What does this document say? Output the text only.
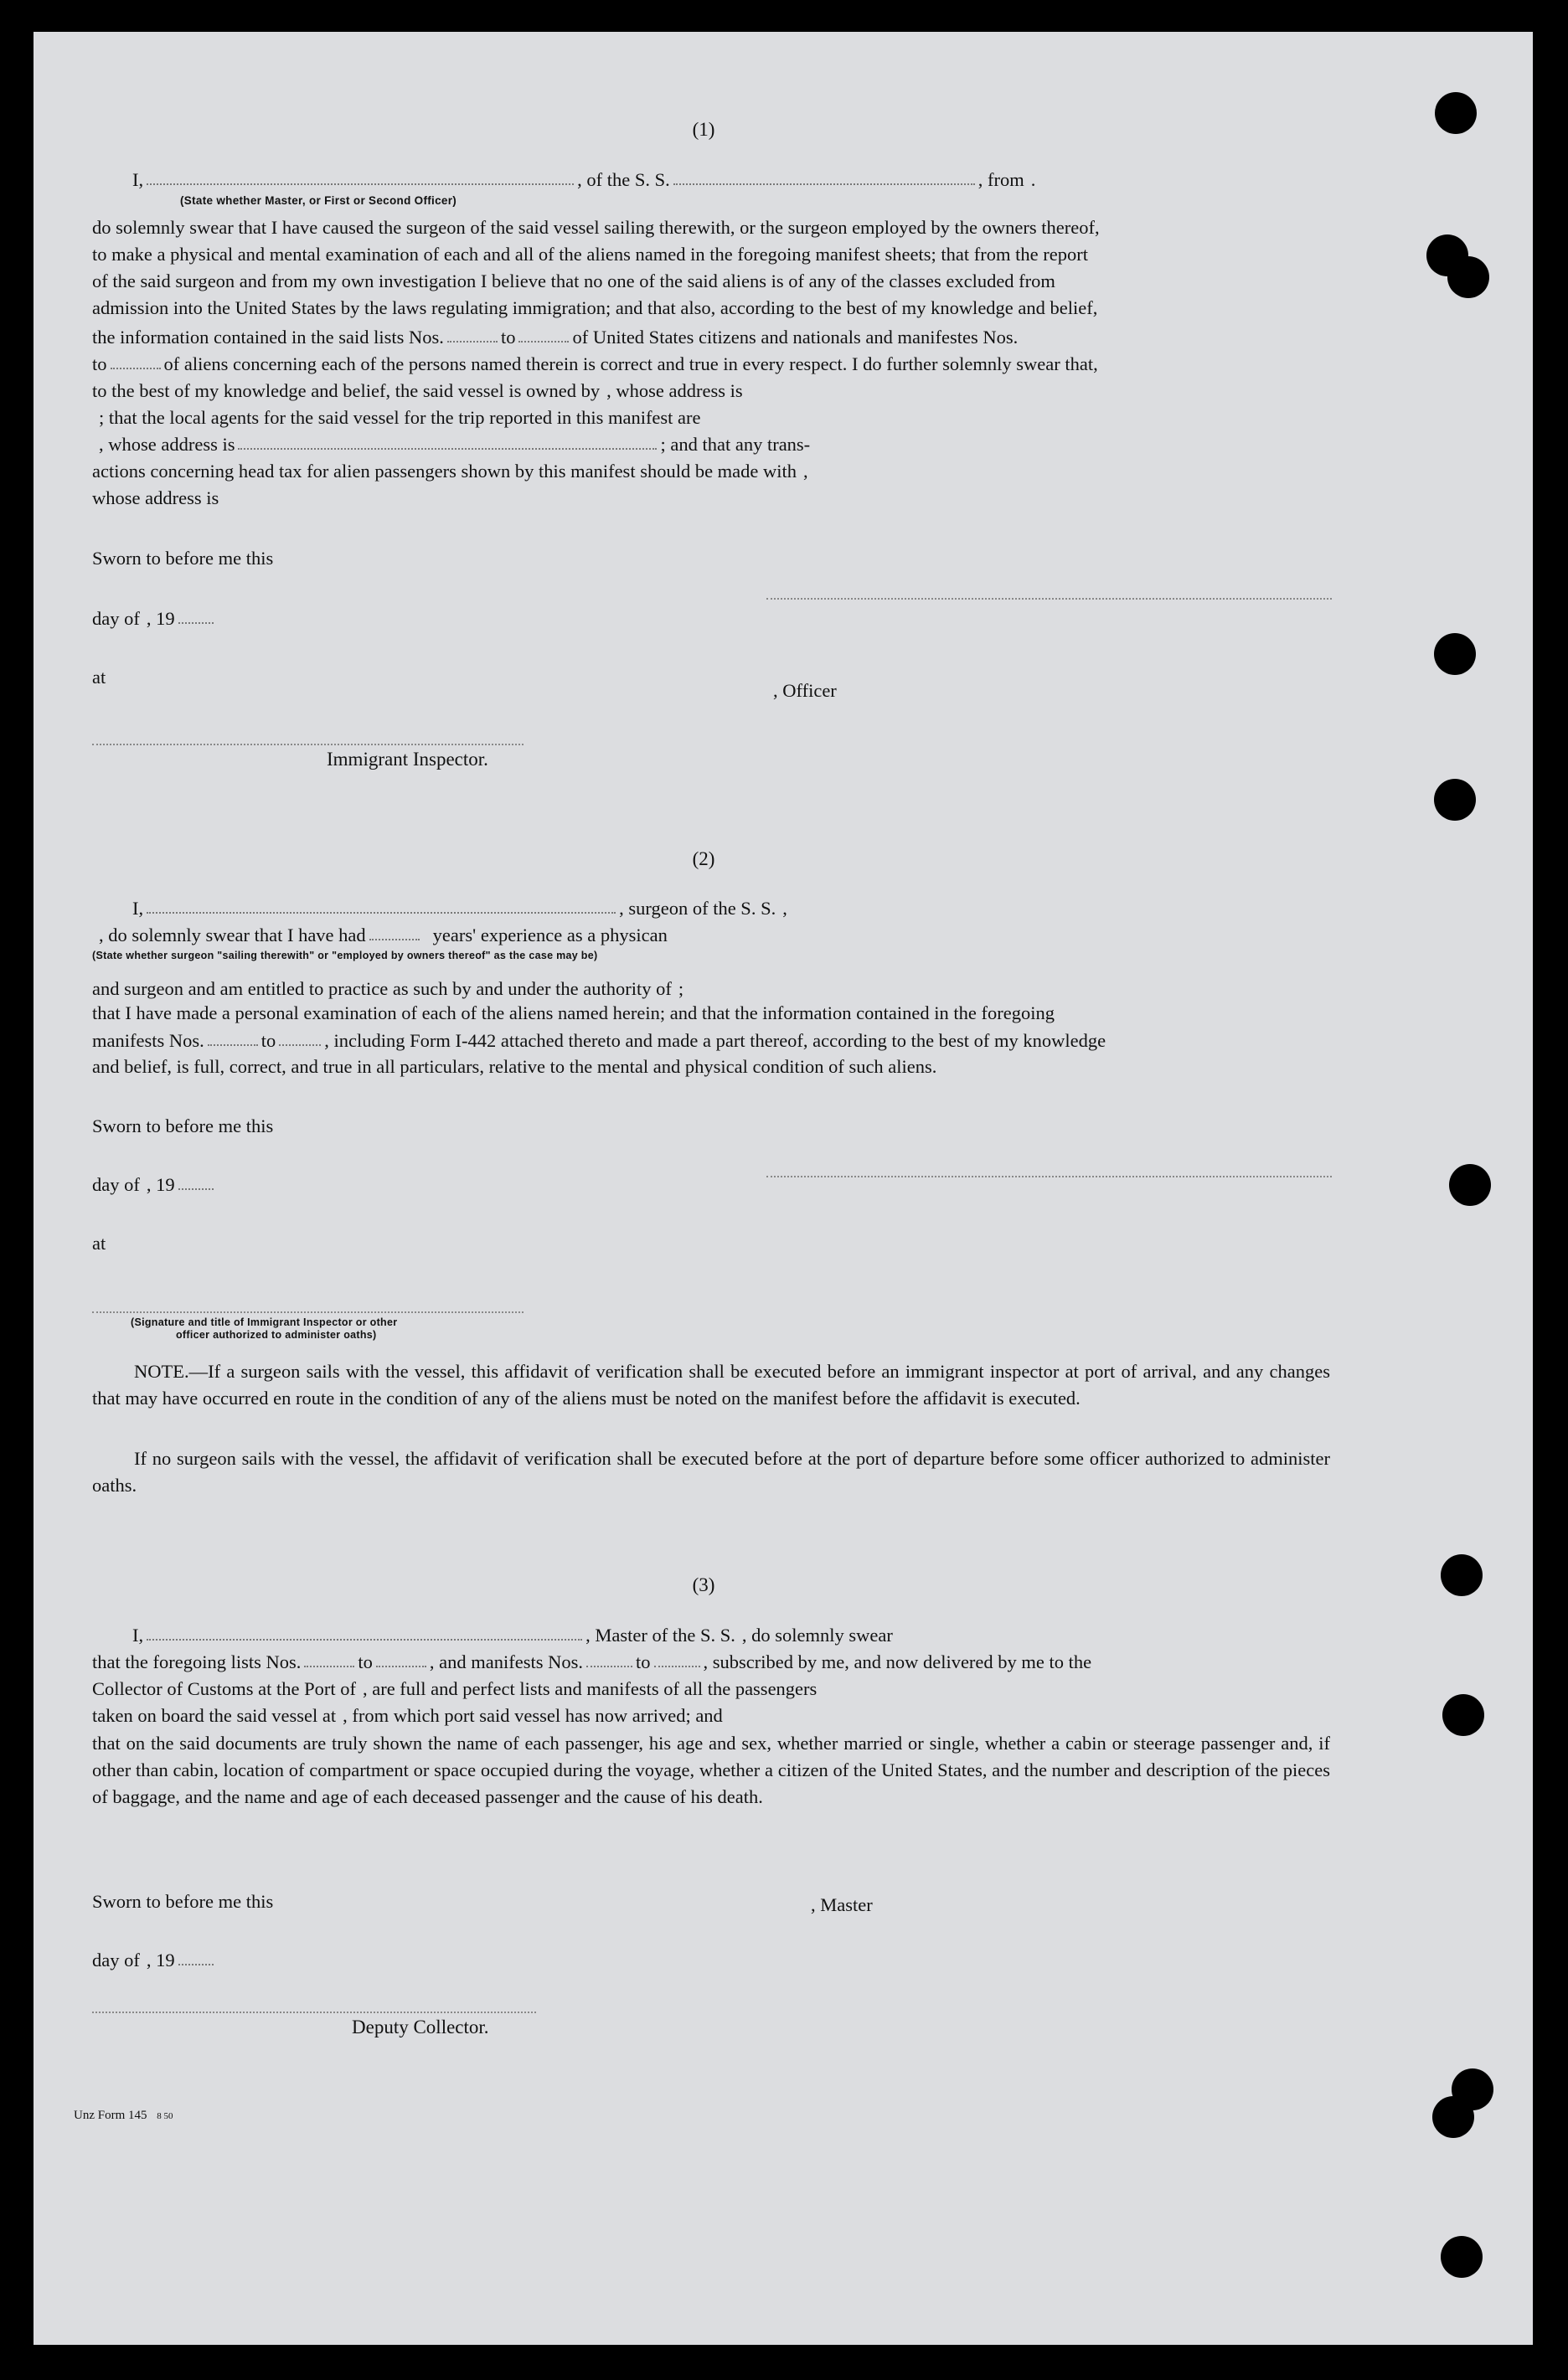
(1)
I,	, of the S. S.	, from .
(State whether Master, or First or Second Officer)
do solemnly swear that I have caused the surgeon of the said vessel sailing therewith, or the surgeon employed by the owners thereof,
to make a physical and mental examination of each and all of the aliens named in the foregoing manifest sheets; that from the report
of the said surgeon and from my own investigation I believe that no one of the said aliens is of any of the classes excluded from
admission into the United States by the laws regulating immigration; and that also, according to the best of my knowledge and belief,
the information contained in the said lists Nos.	to	of United States citizens and nationals and manifestes Nos.
to	of aliens concerning each of the persons named therein is correct and true in every respect. I do further solemnly swear that,
to the best of my knowledge and belief, the said vessel is owned by , whose address is
; that the local agents for the said vessel for the trip reported in this manifest are
, whose address is	; and that any trans-
actions concerning head tax for alien passengers shown by this manifest should be made with ,
whose address is
Sworn to before me this
day of , 19
at
, Officer
Immigrant Inspector.
(2)
I,	, surgeon of the S. S. ,
, do solemnly swear that I have had	years' experience as a physican
(State whether surgeon "sailing therewith" or "employed by owners thereof" as the case may be)
and surgeon and am entitled to practice as such by and under the authority of ;
that I have made a personal examination of each of the aliens named herein; and that the information contained in the foregoing
manifests Nos.	to	, including Form I-442 attached thereto and made a part thereof, according to the best of my knowledge
and belief, is full, correct, and true in all particulars, relative to the mental and physical condition of such aliens.
Sworn to before me this
day of , 19
at
(Signature and title of Immigrant Inspector or other
officer authorized to administer oaths)
NOTE.—If a surgeon sails with the vessel, this affidavit of verification shall be executed before an immigrant inspector at port of arrival, and any changes that may have occurred en route in the condition of any of the aliens must be noted on the manifest before the affidavit is executed.
If no surgeon sails with the vessel, the affidavit of verification shall be executed before at the port of departure before some officer authorized to administer oaths.
(3)
I,	, Master of the S. S. , do solemnly swear
that the foregoing lists Nos.	to	, and manifests Nos.	to	, subscribed by me, and now delivered by me to the
Collector of Customs at the Port of , are full and perfect lists and manifests of all the passengers
taken on board the said vessel at , from which port said vessel has now arrived; and
that on the said documents are truly shown the name of each passenger, his age and sex, whether married or single, whether a cabin or steerage passenger and, if other than cabin, location of compartment or space occupied during the voyage, whether a citizen of the United States, and the number and description of the pieces of baggage, and the name and age of each deceased passenger and the cause of his death.
Sworn to before me this	, Master
day of , 19
Deputy Collector.
Unz Form 145 8 50
